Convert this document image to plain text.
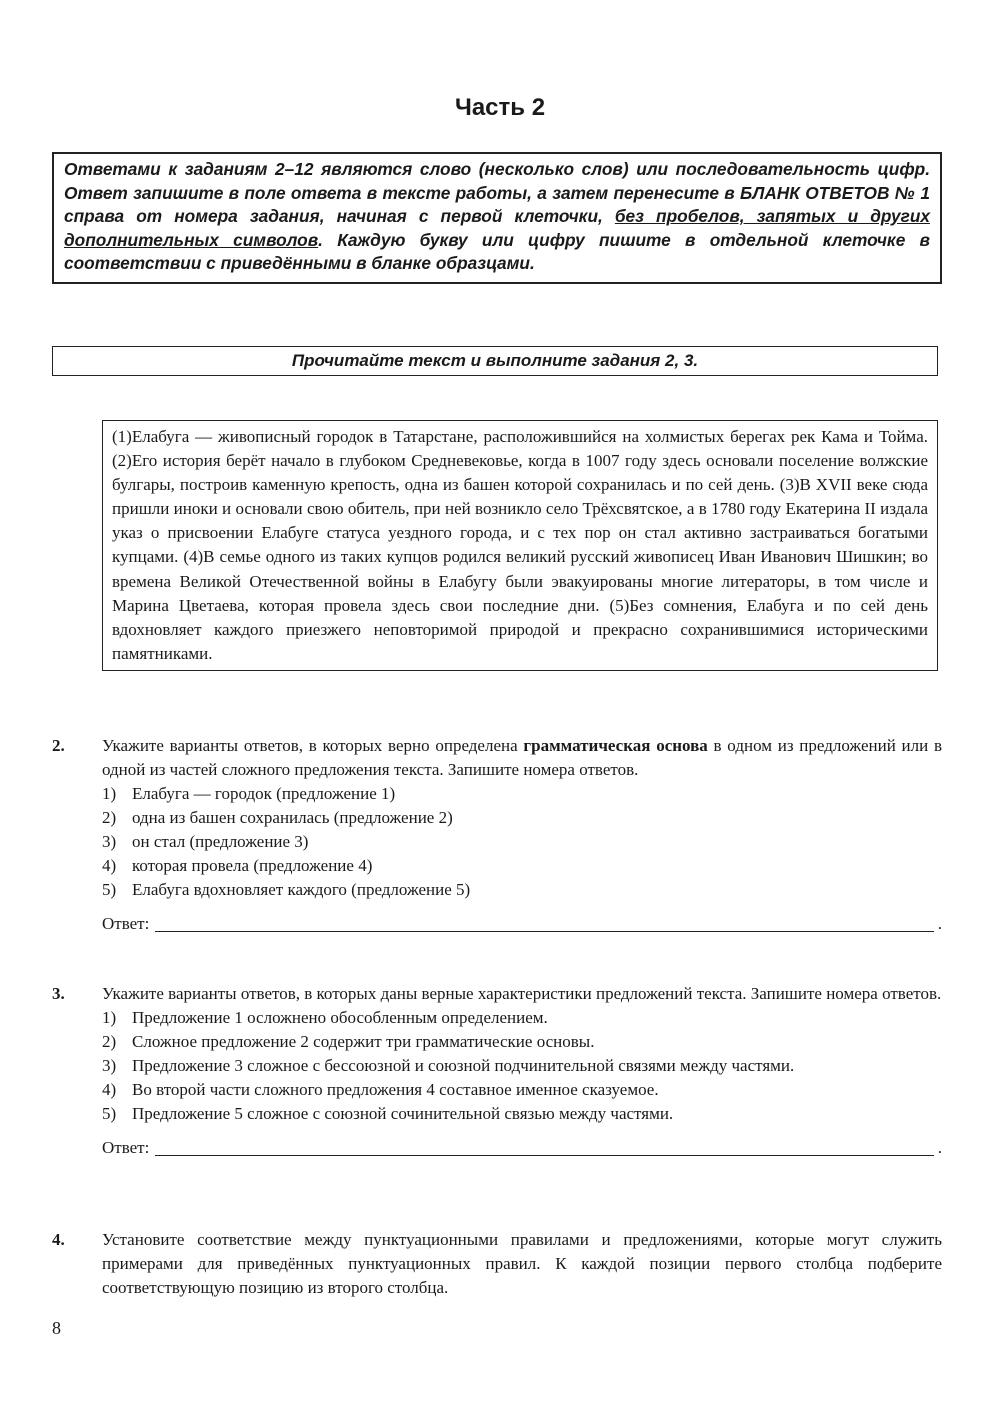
Часть 2
Ответами к заданиям 2–12 являются слово (несколько слов) или последовательность цифр. Ответ запишите в поле ответа в тексте работы, а затем перенесите в БЛАНК ОТВЕТОВ № 1 справа от номера задания, начиная с первой клеточки, без пробелов, запятых и других дополнительных символов. Каждую букву или цифру пишите в отдельной клеточке в соответствии с приведёнными в бланке образцами.
Прочитайте текст и выполните задания 2, 3.
(1)Елабуга — живописный городок в Татарстане, расположившийся на холмистых берегах рек Кама и Тойма. (2)Его история берёт начало в глубоком Средневековье, когда в 1007 году здесь основали поселение волжские булгары, построив каменную крепость, одна из башен которой сохранилась и по сей день. (3)В XVII веке сюда пришли иноки и основали свою обитель, при ней возникло село Трёхсвятское, а в 1780 году Екатерина II издала указ о присвоении Елабуге статуса уездного города, и с тех пор он стал активно застраиваться богатыми купцами. (4)В семье одного из таких купцов родился великий русский живописец Иван Иванович Шишкин; во времена Великой Отечественной войны в Елабугу были эвакуированы многие литераторы, в том числе и Марина Цветаева, которая провела здесь свои последние дни. (5)Без сомнения, Елабуга и по сей день вдохновляет каждого приезжего неповторимой природой и прекрасно сохранившимися историческими памятниками.
2. Укажите варианты ответов, в которых верно определена грамматическая основа в одном из предложений или в одной из частей сложного предложения текста. Запишите номера ответов.
1) Елабуга — городок (предложение 1)
2) одна из башен сохранилась (предложение 2)
3) он стал (предложение 3)
4) которая провела (предложение 4)
5) Елабуга вдохновляет каждого (предложение 5)
Ответ:	.
3. Укажите варианты ответов, в которых даны верные характеристики предложений текста. Запишите номера ответов.
1) Предложение 1 осложнено обособленным определением.
2) Сложное предложение 2 содержит три грамматические основы.
3) Предложение 3 сложное с бессоюзной и союзной подчинительной связями между частями.
4) Во второй части сложного предложения 4 составное именное сказуемое.
5) Предложение 5 сложное с союзной сочинительной связью между частями.
Ответ:	.
4. Установите соответствие между пунктуационными правилами и предложениями, которые могут служить примерами для приведённых пунктуационных правил. К каждой позиции первого столбца подберите соответствующую позицию из второго столбца.
8
